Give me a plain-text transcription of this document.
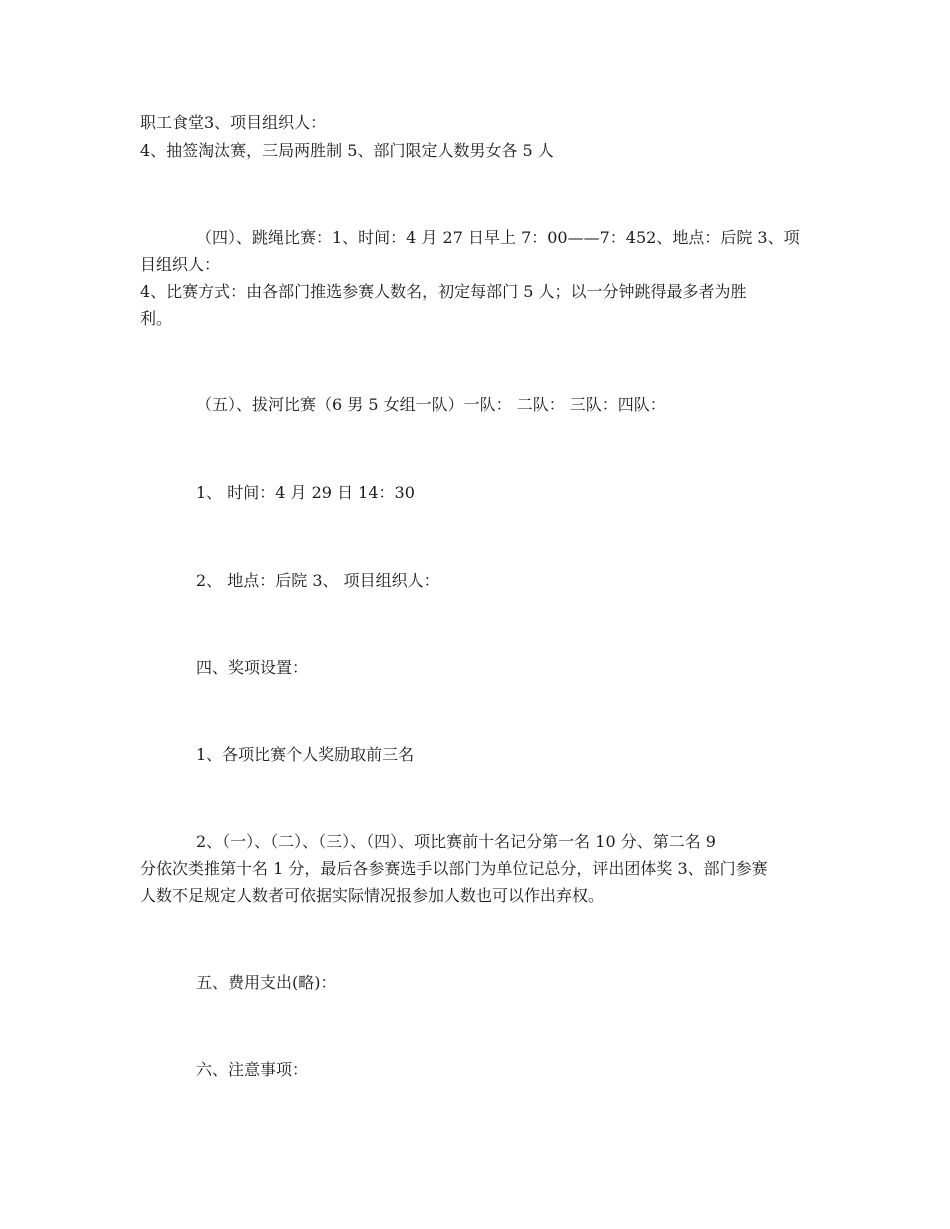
职工食堂3、项目组织人：
4、抽签淘汰赛，三局两胜制 5、部门限定人数男女各 5 人
（四）、跳绳比赛：1、时间：4 月 27 日早上 7：00——7：452、地点：后院 3、项
目组织人：
4、比赛方式：由各部门推选参赛人数名，初定每部门 5 人；以一分钟跳得最多者为胜
利。
（五）、拔河比赛（6 男 5 女组一队）一队： 二队： 三队：四队：
1、 时间：4 月 29 日 14：30
2、 地点：后院 3、 项目组织人：
四、奖项设置：
1、各项比赛个人奖励取前三名
2、（一）、（二）、（三）、（四）、项比赛前十名记分第一名 10 分、第二名 9
分依次类推第十名 1 分，最后各参赛选手以部门为单位记总分，评出团体奖 3、部门参赛
人数不足规定人数者可依据实际情况报参加人数也可以作出弃权。
五、费用支出(略)：
六、注意事项：
